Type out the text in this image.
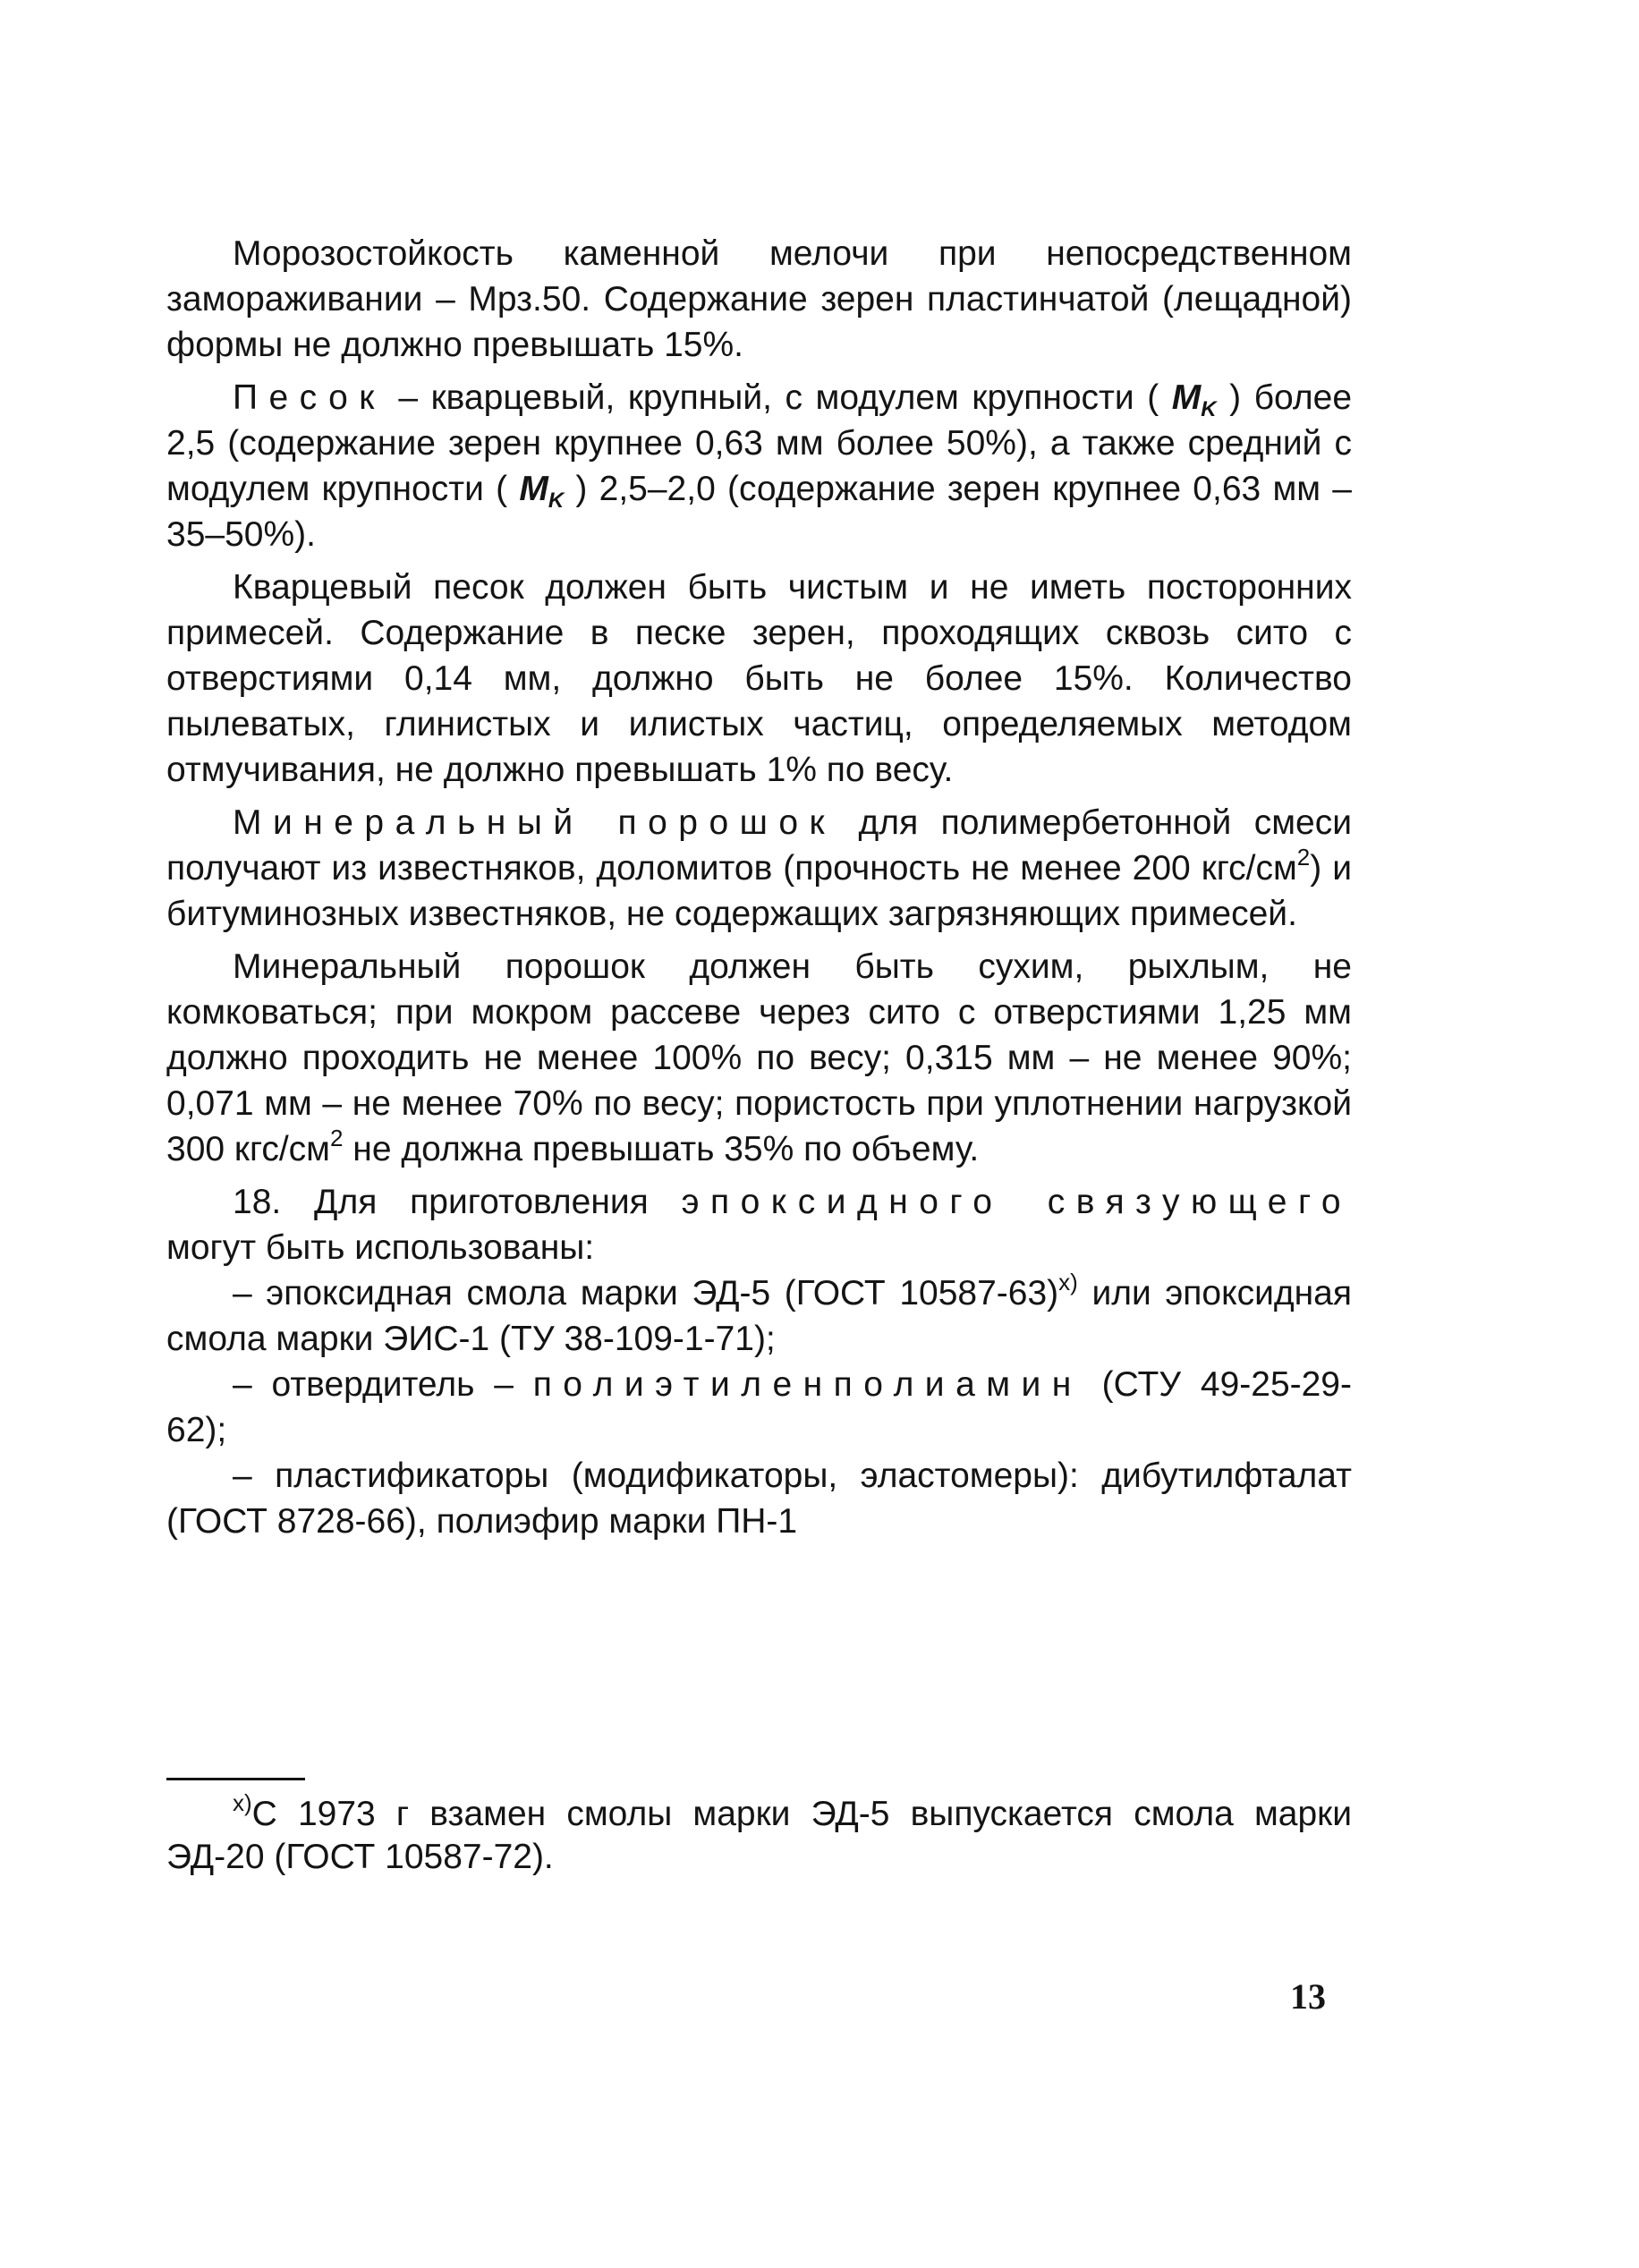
Морозостойкость каменной мелочи при непосредственном замораживании – Мрз.50. Содержание зерен пластинчатой (лещадной) формы не должно превышать 15%.

Песок – кварцевый, крупный, с модулем крупности ( $M_K$ ) более 2,5 (содержание зерен крупнее 0,63 мм более 50%), а также средний с модулем крупности ( $M_K$ ) 2,5–2,0 (содержание зерен крупнее 0,63 мм – 35–50%).

Кварцевый песок должен быть чистым и не иметь посторонних примесей. Содержание в песке зерен, проходящих сквозь сито с отверстиями 0,14 мм, должно быть не более 15%. Количество пылеватых, глинистых и илистых частиц, определяемых методом отмучивания, не должно превышать 1% по весу.

Минеральный порошок для полимербетонной смеси получают из известняков, доломитов (прочность не менее 200 кгс/$см^2$) и битуминозных известняков, не содержащих загрязняющих примесей.

Минеральный порошок должен быть сухим, рыхлым, не комковаться; при мокром рассеве через сито с отверстиями 1,25 мм должно проходить не менее 100% по весу; 0,315 мм – не менее 90%; 0,071 мм – не менее 70% по весу; пористость при уплотнении нагрузкой 300 кгс/$см^2$ не должна превышать 35% по объему.

18. Для приготовления эпоксидного связующего могут быть использованы:

– эпоксидная смола марки ЭД-5 (ГОСТ 10587-63)$^{x)}$ или эпоксидная смола марки ЭИС-1 (ТУ 38-109-1-71);

– отвердитель – полиэтиленполиамин (СТУ 49-25-29-62);

– пластификаторы (модификаторы, эластомеры): дибутилфталат (ГОСТ 8728-66), полиэфир марки ПН-1

$^{x)}$С 1973 г взамен смолы марки ЭД-5 выпускается смола марки ЭД-20 (ГОСТ 10587-72).

13
